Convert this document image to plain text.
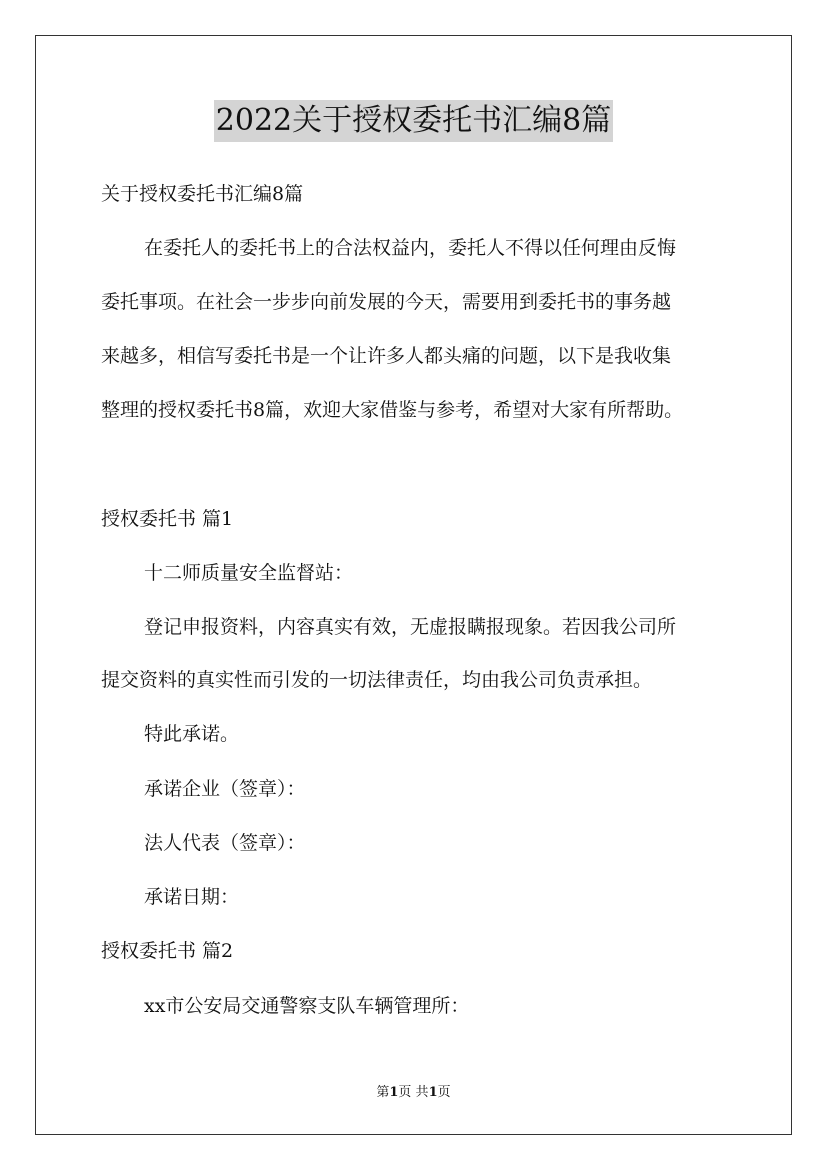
2022关于授权委托书汇编8篇

关于授权委托书汇编8篇

在委托人的委托书上的合法权益内，委托人不得以任何理由反悔

委托事项。在社会一步步向前发展的今天，需要用到委托书的事务越

来越多，相信写委托书是一个让许多人都头痛的问题，以下是我收集

整理的授权委托书8篇，欢迎大家借鉴与参考，希望对大家有所帮助。

授权委托书 篇1

十二师质量安全监督站：

登记申报资料，内容真实有效，无虚报瞒报现象。若因我公司所

提交资料的真实性而引发的一切法律责任，均由我公司负责承担。

特此承诺。

承诺企业（签章）：

法人代表（签章）：

承诺日期：

授权委托书 篇2

xx市公安局交通警察支队车辆管理所：

第1页 共1页
